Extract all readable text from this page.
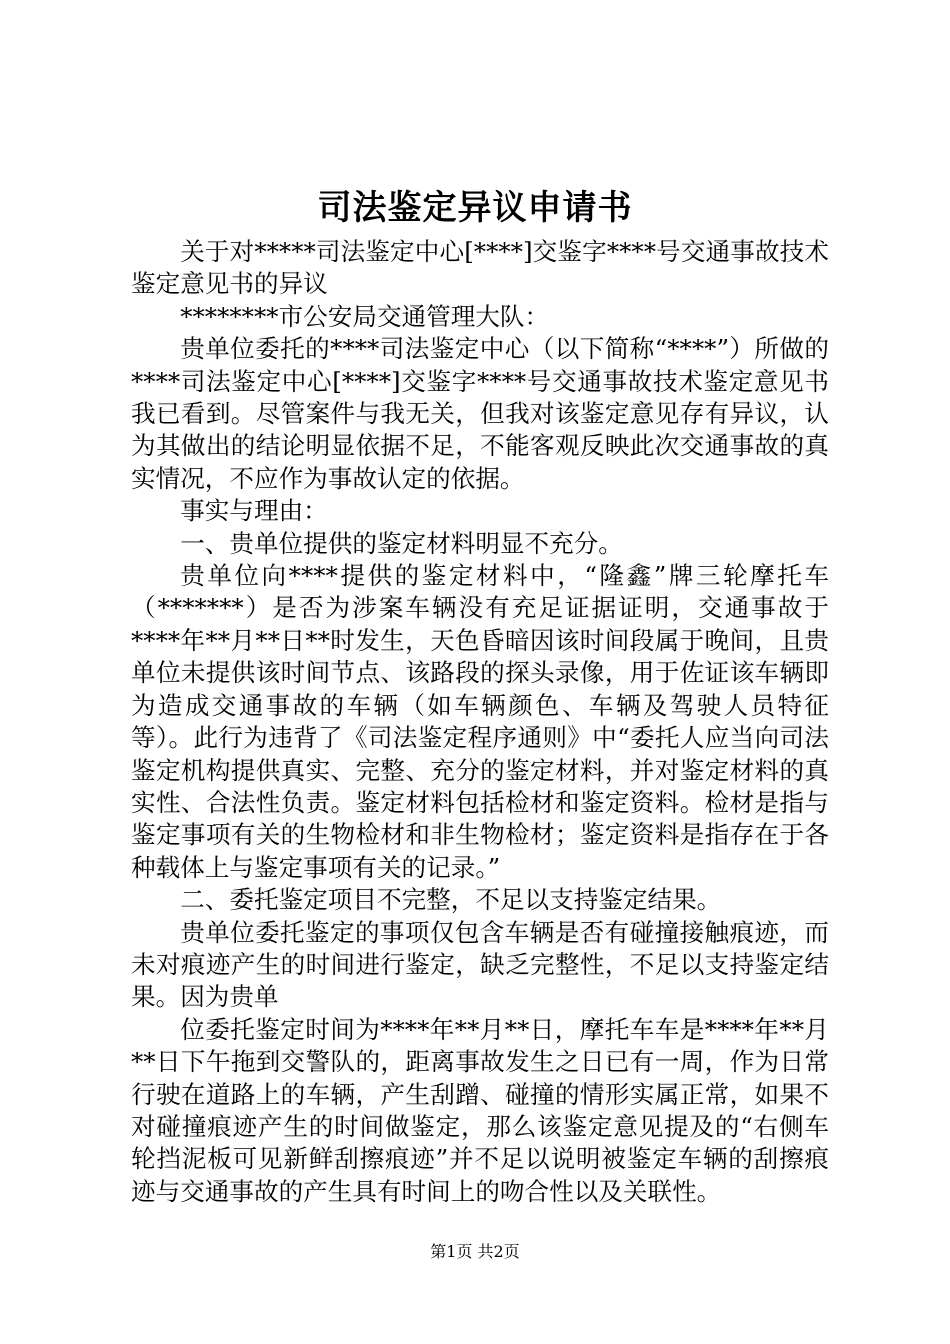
司法鉴定异议申请书

关于对*****司法鉴定中心[****]交鉴字****号交通事故技术鉴定意见书的异议

********市公安局交通管理大队：

贵单位委托的****司法鉴定中心（以下简称“****”）所做的****司法鉴定中心[****]交鉴字****号交通事故技术鉴定意见书我已看到。尽管案件与我无关，但我对该鉴定意见存有异议，认为其做出的结论明显依据不足，不能客观反映此次交通事故的真实情况，不应作为事故认定的依据。

事实与理由：

一、贵单位提供的鉴定材料明显不充分。

贵单位向****提供的鉴定材料中，“隆鑫”牌三轮摩托车（*******）是否为涉案车辆没有充足证据证明，交通事故于****年**月**日**时发生，天色昏暗因该时间段属于晚间，且贵单位未提供该时间节点、该路段的探头录像，用于佐证该车辆即为造成交通事故的车辆（如车辆颜色、车辆及驾驶人员特征等）。此行为违背了《司法鉴定程序通则》中“委托人应当向司法鉴定机构提供真实、完整、充分的鉴定材料，并对鉴定材料的真实性、合法性负责。鉴定材料包括检材和鉴定资料。检材是指与鉴定事项有关的生物检材和非生物检材；鉴定资料是指存在于各种载体上与鉴定事项有关的记录。”

二、委托鉴定项目不完整，不足以支持鉴定结果。

贵单位委托鉴定的事项仅包含车辆是否有碰撞接触痕迹，而未对痕迹产生的时间进行鉴定，缺乏完整性，不足以支持鉴定结果。因为贵单

位委托鉴定时间为****年**月**日，摩托车车是****年**月**日下午拖到交警队的，距离事故发生之日已有一周，作为日常行驶在道路上的车辆，产生刮蹭、碰撞的情形实属正常，如果不对碰撞痕迹产生的时间做鉴定，那么该鉴定意见提及的“右侧车轮挡泥板可见新鲜刮擦痕迹”并不足以说明被鉴定车辆的刮擦痕迹与交通事故的产生具有时间上的吻合性以及关联性。

第1页 共2页
